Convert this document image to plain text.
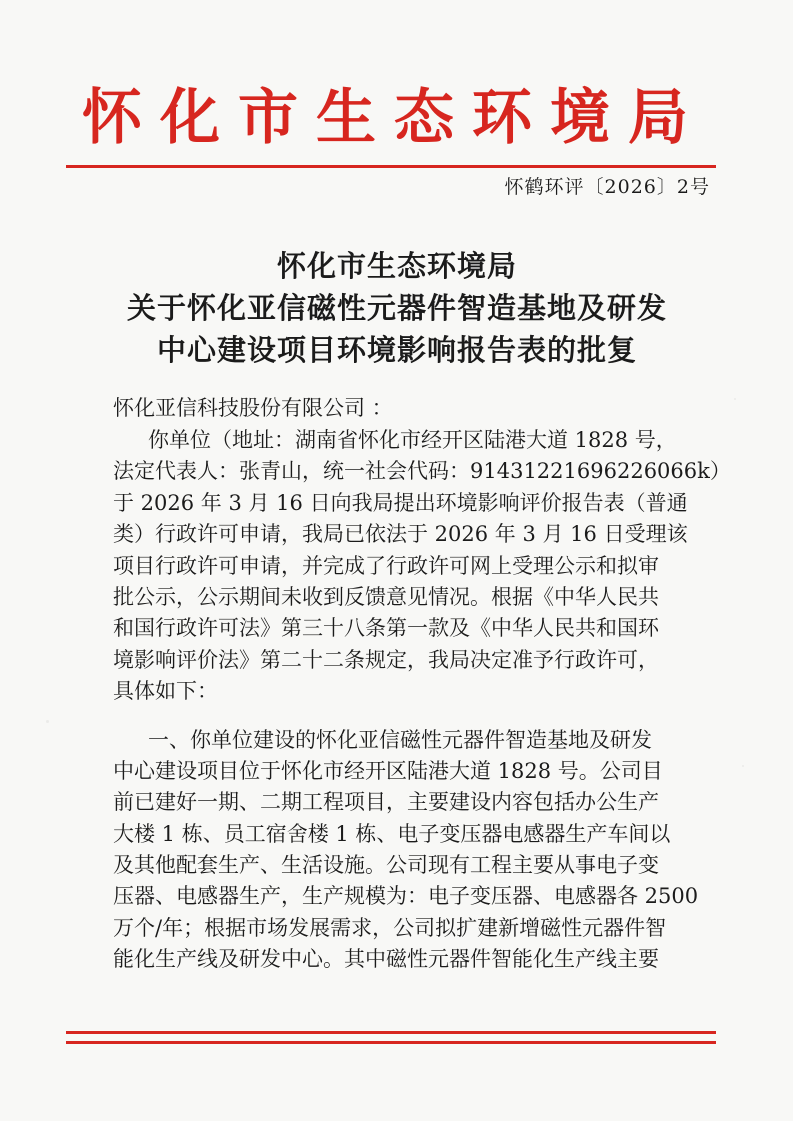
怀化市生态环境局
怀鹤环评〔2026〕2号
怀化市生态环境局
关于怀化亚信磁性元器件智造基地及研发
中心建设项目环境影响报告表的批复
怀化亚信科技股份有限公司 ：
你单位（地址：湖南省怀化市经开区陆港大道 1828 号，
法定代表人：张青山，统一社会代码：91431221696226066k）
于 2026 年 3 月 16 日向我局提出环境影响评价报告表（普通
类）行政许可申请，我局已依法于 2026 年 3 月 16 日受理该
项目行政许可申请，并完成了行政许可网上受理公示和拟审
批公示，公示期间未收到反馈意见情况。根据《中华人民共
和国行政许可法》第三十八条第一款及《中华人民共和国环
境影响评价法》第二十二条规定，我局决定准予行政许可，
具体如下：
一、你单位建设的怀化亚信磁性元器件智造基地及研发
中心建设项目位于怀化市经开区陆港大道 1828 号。公司目
前已建好一期、二期工程项目，主要建设内容包括办公生产
大楼 1 栋、员工宿舍楼 1 栋、电子变压器电感器生产车间以
及其他配套生产、生活设施。公司现有工程主要从事电子变
压器、电感器生产，生产规模为：电子变压器、电感器各 2500
万个/年；根据市场发展需求，公司拟扩建新增磁性元器件智
能化生产线及研发中心。其中磁性元器件智能化生产线主要
